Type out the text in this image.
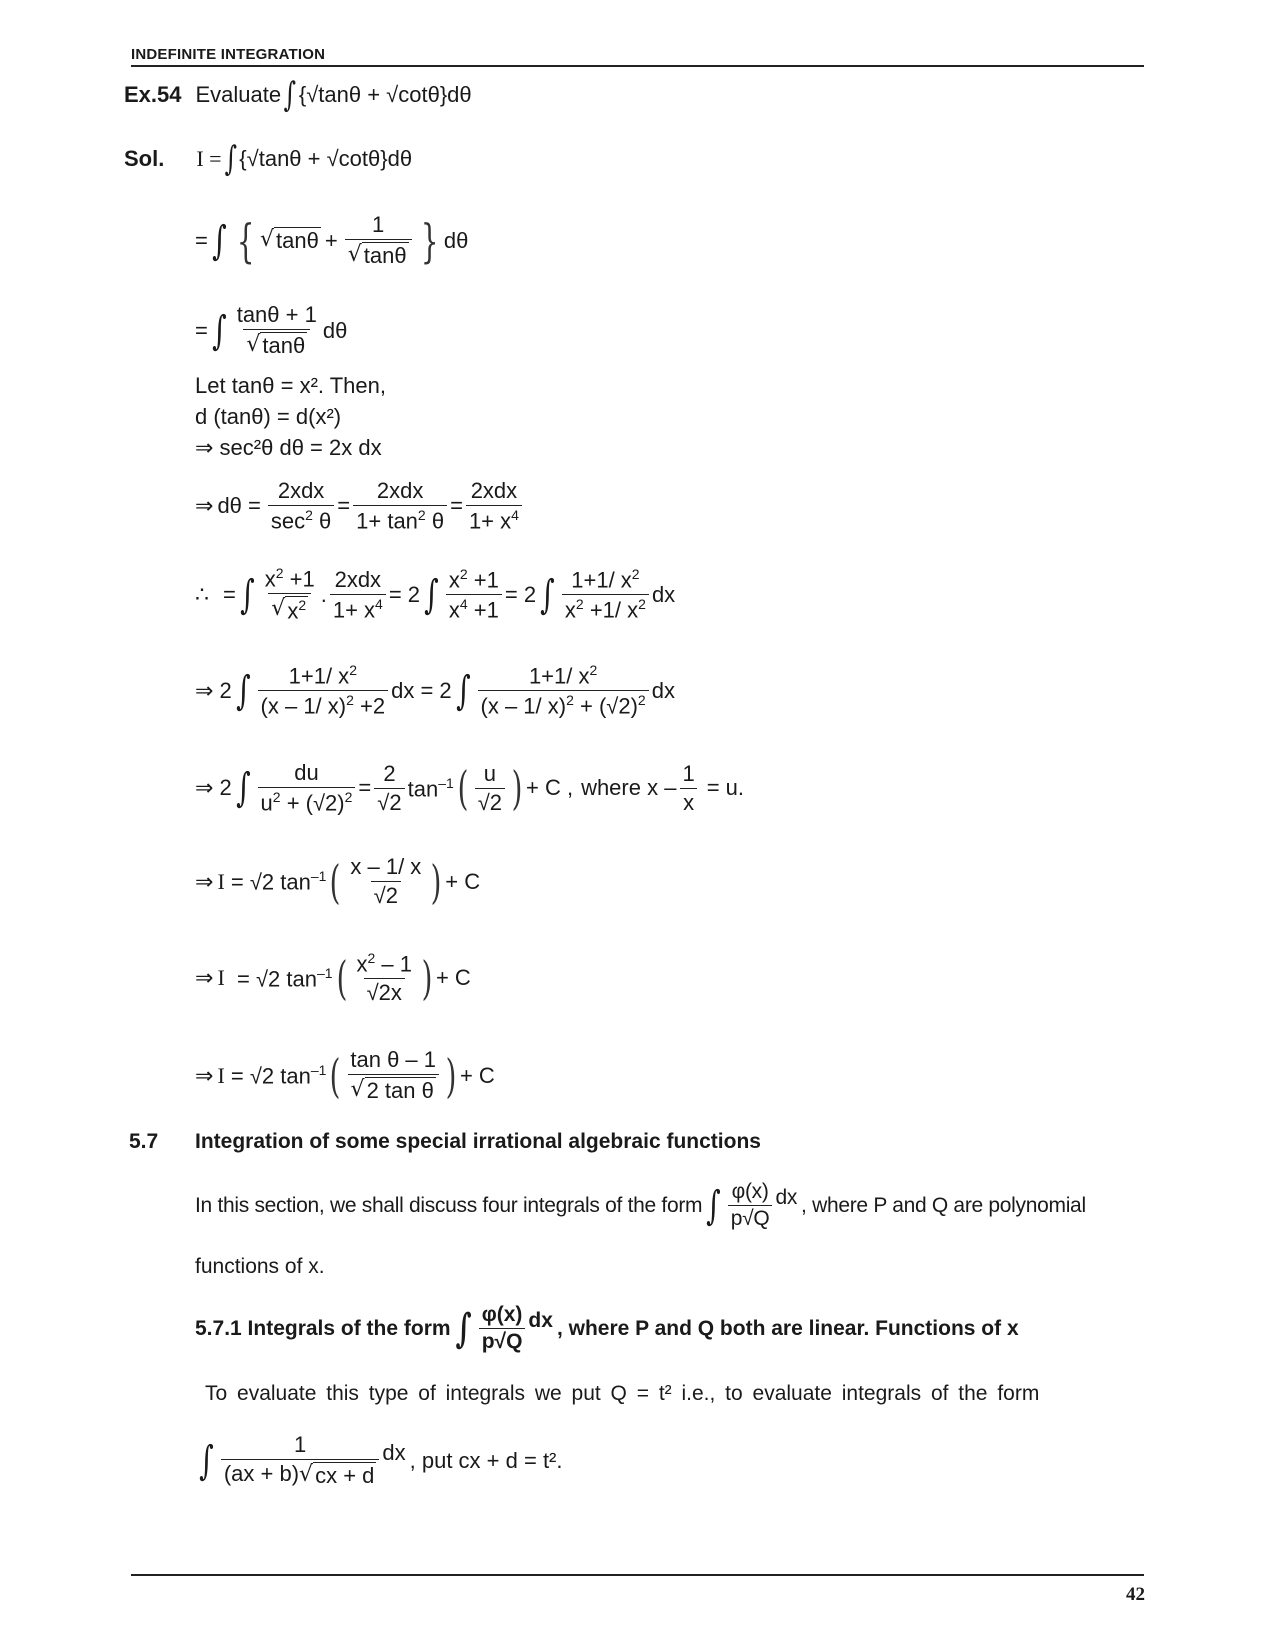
INDEFINITE INTEGRATION
Ex.54 Evaluate ∫ {√tanθ + √cotθ}dθ
Sol. I = ∫ {√tanθ + √cotθ}dθ
= ∫ { √ $\tan\theta + \frac{1}{√ \tan\theta}$ } dθ
= ∫ tanθ + 1
√ tanθ
dθ
Let tanθ = x². Then,
d (tanθ) = d(x²)
⇒ sec²θ dθ = 2x dx
⇒ dθ =
2xdx
$\sec^2 \theta$
=
2xdx
$1+ \tan^2 \theta$
=
2xdx
$1+ x^4$
∴ = ∫ $x^2 +1$
√ $x^2$ .
2xdx
$1+ x^4 = 2$ ∫ $\frac{x^2 +1}{x^4 +1} = 2$ ∫ 1+1/ $x^2$
$x^2 +1/$ $x^2$ dx
⇒ 2 ∫ 1+1/ $x^2$
(x – 1/ x)$^2$ +2
dx = 2 ∫	1+1/ $x^2$
(x – 1/ $x)^2 + (√2)^2$ dx
⇒ 2 ∫ $\frac{du}{u^2 + (√2)^2} = \frac{2}{√2} \tan^{-1}$ ( u
√2 ) + C , where $x - \frac{1}{x} = u$.
⇒ I = √2 $\tan^{-1}$ ( x – 1/ x
√2 ) + C
⇒ I = √2 $\tan^{-1}$ ( $x^2 - 1$
√2x ) + C
⇒ I = √2 $\tan^{-1}$ ( tan θ – 1
√ 2 tan θ ) + C
5.7 Integration of some special irrational algebraic functions
In this section, we shall discuss four integrals of the form ∫ φ(x)
p√Q
dx , where P and Q are polynomial
functions of x.
5.7.1 Integrals of the form ∫ φ(x)
p√Q
dx , where P and Q both are linear. Functions of x
To evaluate this type of integrals we put Q = t² i.e., to evaluate integrals of the form
∫	1
(ax + b) √ cx + d
dx , put cx + d = t².
42
